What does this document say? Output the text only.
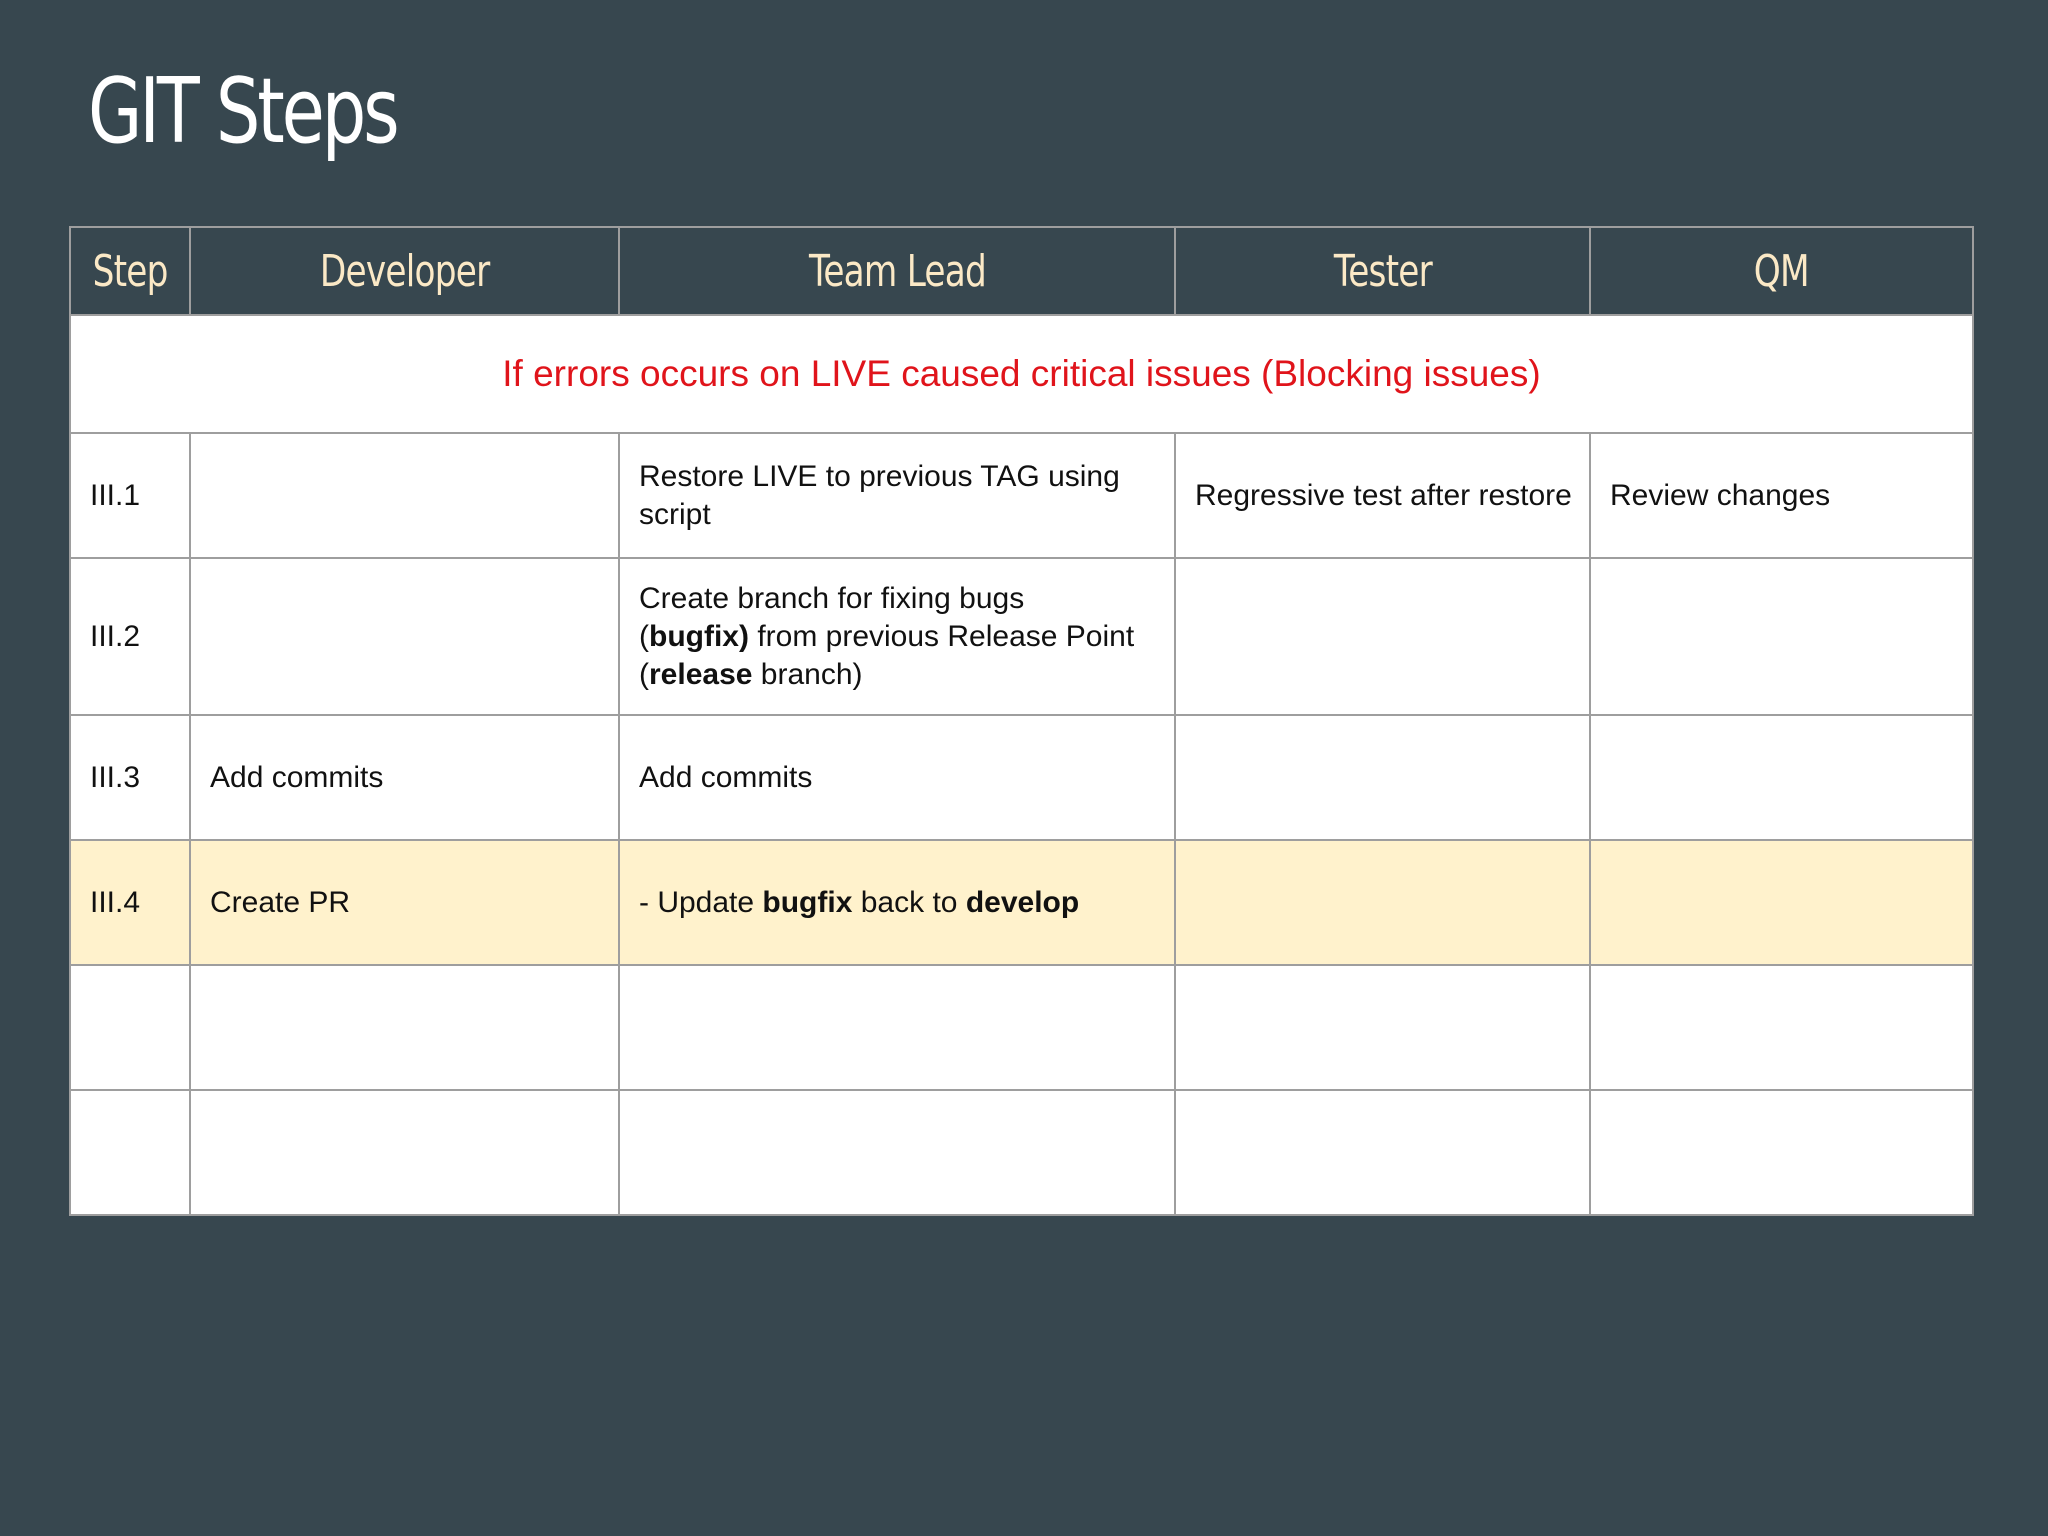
GIT Steps
Step	Developer	Team Lead	Tester	QM
If errors occurs on LIVE caused critical issues (Blocking issues)				
III.1		Restore LIVE to previous TAG using script	Regressive test after restore	Review changes
III.2		Create branch for fixing bugs
(bugfix) from previous Release Point
(release branch)		
III.3	Add commits	Add commits		
III.4	Create PR	- Update bugfix back to develop		
